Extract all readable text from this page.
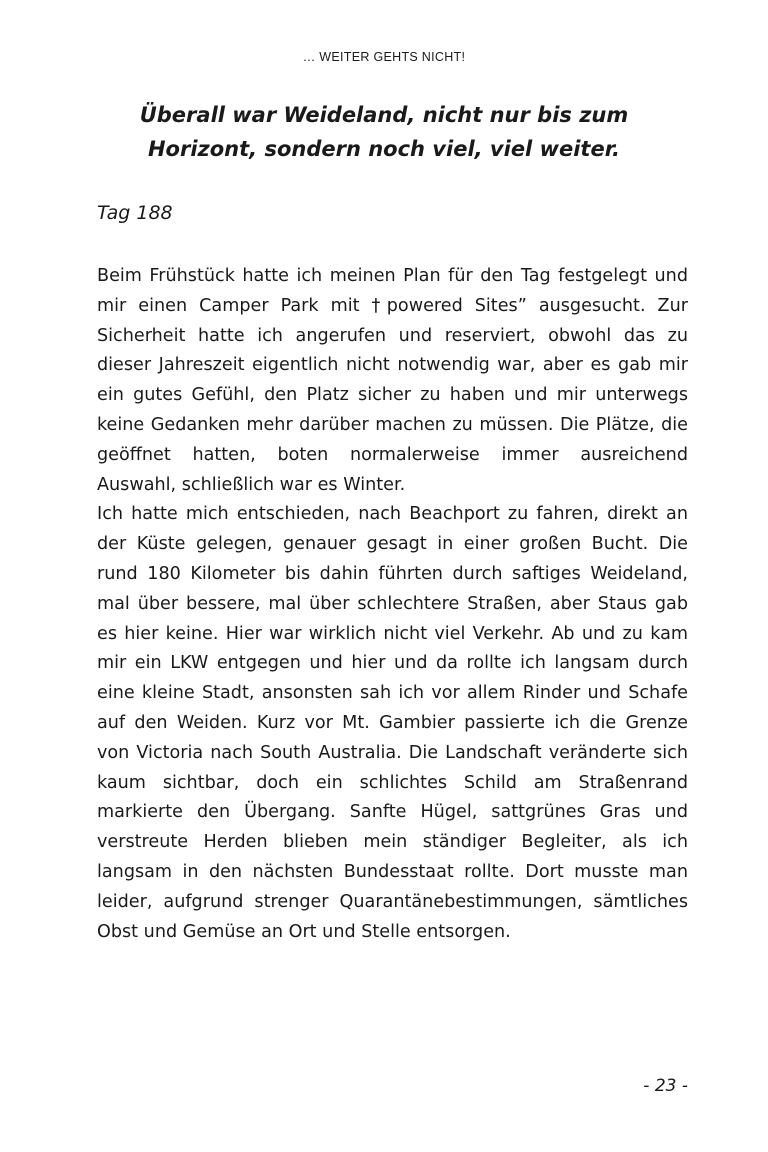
… WEITER GEHTS NICHT!
Überall war Weideland, nicht nur bis zum
Horizont, sondern noch viel, viel weiter.
Tag 188

Beim Frühstück hatte ich meinen Plan für den Tag festgelegt und mir einen Camper Park mit †powered Sites” ausgesucht. Zur Sicherheit hatte ich angerufen und reserviert, obwohl das zu dieser Jahreszeit eigentlich nicht notwendig war, aber es gab mir ein gutes Gefühl, den Platz sicher zu haben und mir unterwegs keine Gedanken mehr darüber machen zu müssen. Die Plätze, die geöffnet hatten, boten normalerweise immer ausreichend Auswahl, schließlich war es Winter.

Ich hatte mich entschieden, nach Beachport zu fahren, direkt an der Küste gelegen, genauer gesagt in einer großen Bucht. Die rund 180 Kilometer bis dahin führten durch saftiges Weideland, mal über bessere, mal über schlechtere Straßen, aber Staus gab es hier keine. Hier war wirklich nicht viel Verkehr. Ab und zu kam mir ein LKW entgegen und hier und da rollte ich langsam durch eine kleine Stadt, ansonsten sah ich vor allem Rinder und Schafe auf den Weiden. Kurz vor Mt. Gambier passierte ich die Grenze von Victoria nach South Australia. Die Landschaft veränderte sich kaum sichtbar, doch ein schlichtes Schild am Straßenrand markierte den Übergang. Sanfte Hügel, sattgrünes Gras und verstreute Herden blieben mein ständiger Begleiter, als ich langsam in den nächsten Bundesstaat rollte. Dort musste man leider, aufgrund strenger Quarantänebestimmungen, sämtliches Obst und Gemüse an Ort und Stelle entsorgen.

- 23 -
